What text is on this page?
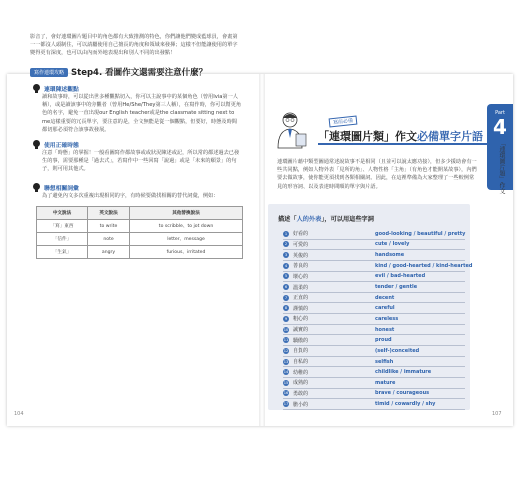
影音了，會好連環圖片題目中的角色都有大致推測的特色，你們讓他們變成藍球員，會畫第一一都沒人頭制住，可以請屬使用自己擅長的角度和領域來發揮；這樣不但能讓使用的單字變得更有深度，也可以由內而外地表現出和別人不同的出發點！
寫作連環攻略 Step4. 看圖作文還需要注意什麼？
連環陳述觀點
讀和故事時，可以從出世多種觀點切入，你可以主說事中的某個角色（曾用Ivia第一人稱），或是讀該事中的旁觀者（曾用He/She/They第三人稱），在寫作時，你可以幫更角色的名字，避免一直出現our English teacher或是the classmate sitting next to me這樣重要的冗長單字，要注意的是，全文無能是從一個觀點，但要好，時態及時間都切那必須符合該事故發展。
使用正確時態
注意「時態」的掌握！一般看圖寫作都故事或或狀況陳述或記，所以常的都述過去已發生的事，需要那種是「過去式」，若寫作中一些回寫「說過」或是「未來的願景」的句子，則可用其他式。
聯想相關詞彙
為了避免內文多次重複出現相同的字，有時候要做找相關的替代詞彙，例如：
中文說法	英文說法	其他替換說法
「寫」東西	to write	to scribble、to jot down
「信件」	note	letter、message
「生氣」	angry	furious、irritated
104
Part
4
「連環圖片題」作文
寫前必備
「連環圖片類」作文必備單字片語
連環圖片藉中類型圖通常述說故事不是相同（且並可以說太應功接），但多少援助會有一些共同點，例如人物外表「見所的角」、人物性格「主角」（有角色才能開某故事），內們要去做故事，使你能更須找到各類相關詞。因此，在這裡準備為大家整理了一些較例常見的形容詞、以及表達時間順的單字與片語。
描述「人的外表」，可以用這些字詞
1	好看的	good-looking / beautiful / pretty
2	可愛的	cute / lovely
3	英俊的	handsome
4	善良的	kind / good-hearted / kind-hearted
5	壞心的	evil / bad-hearted
6	溫柔的	tender / gentle
7	正直的	decent
8	謹慎的	careful
9	粗心的	careless
10 誠實的	honest
11 驕傲的	proud
12 自負的	(self-)conceited
13 自私的	selfish
14 幼稚的	childlike / immature
15 成熟的	mature
16 勇敢的	brave / courageous
17 膽小的	timid / cowardly / shy
107
